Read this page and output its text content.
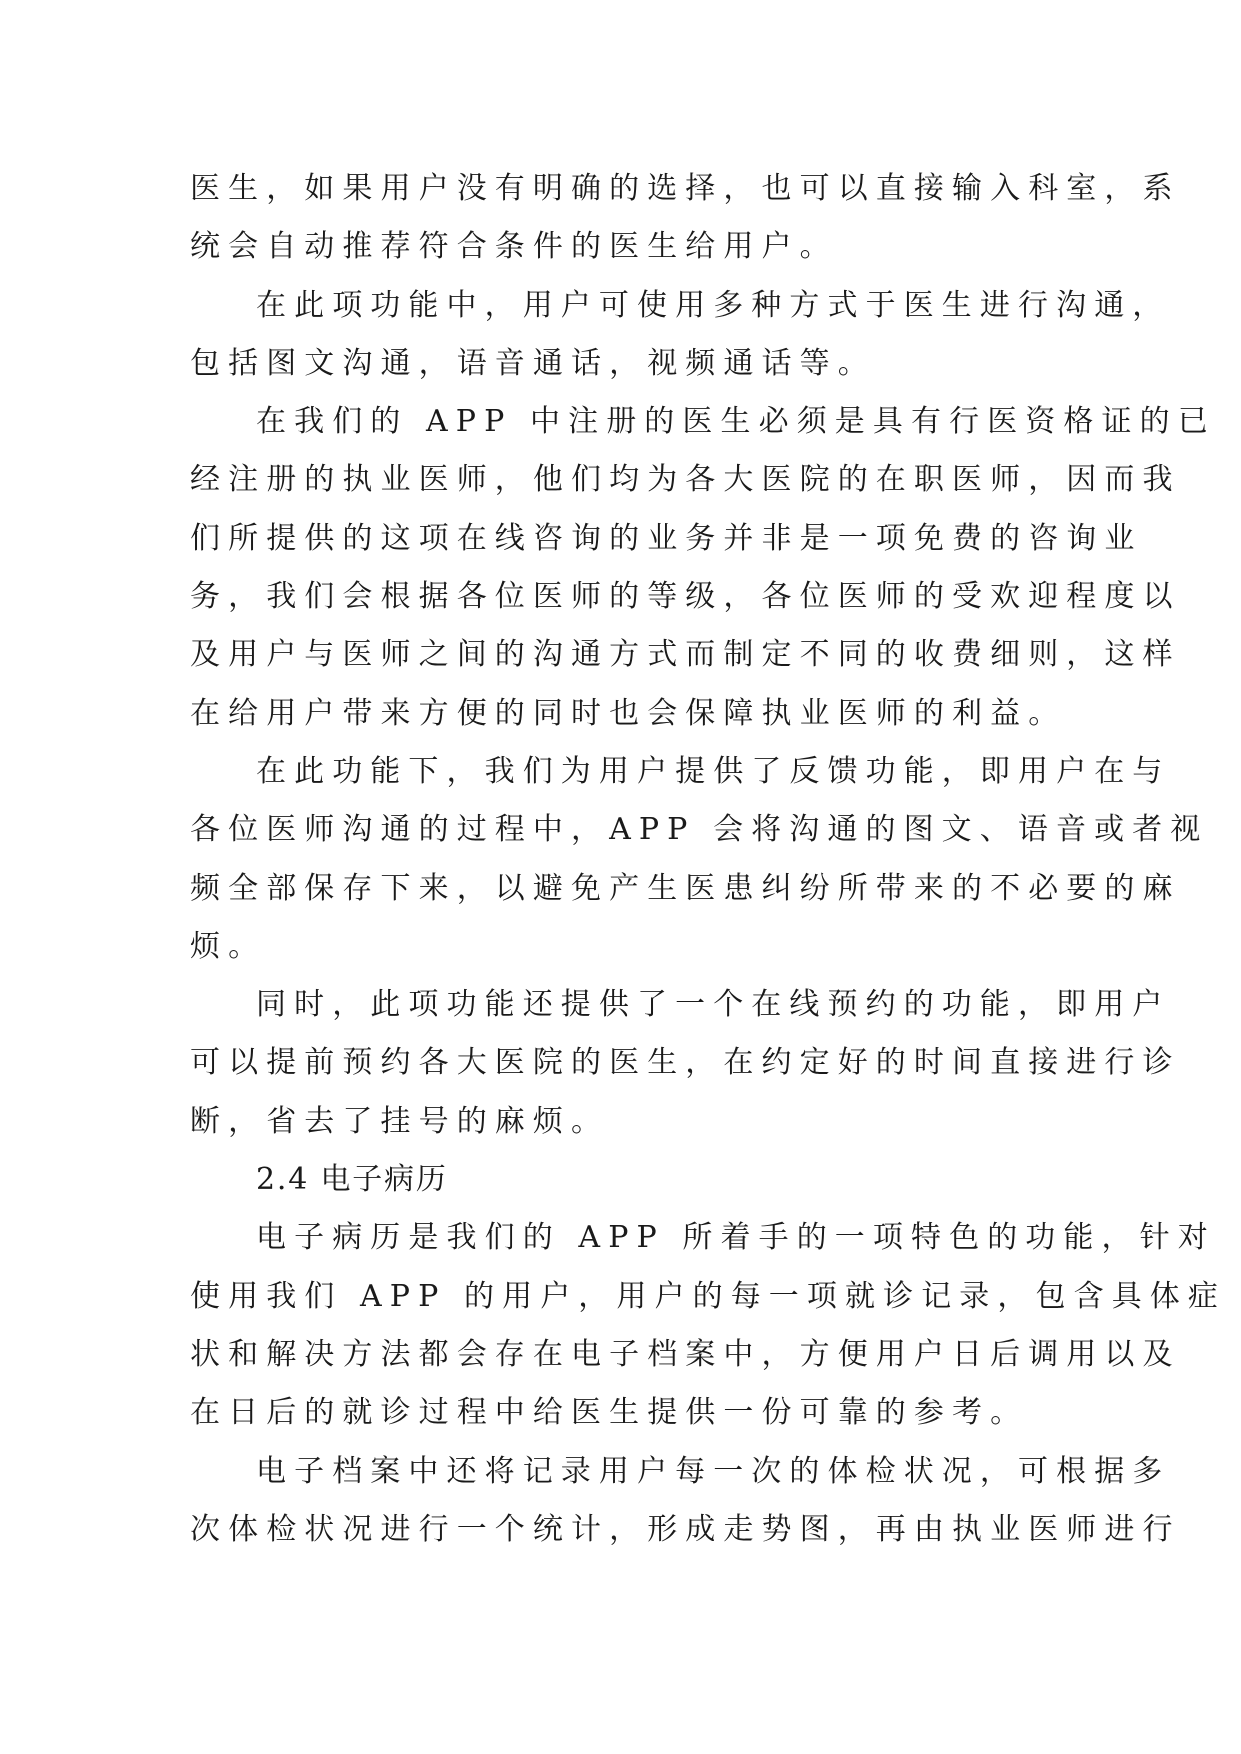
医生，如果用户没有明确的选择，也可以直接输入科室，系
统会自动推荐符合条件的医生给用户。
在此项功能中，用户可使用多种方式于医生进行沟通，
包括图文沟通，语音通话，视频通话等。
在我们的 APP 中注册的医生必须是具有行医资格证的已
经注册的执业医师，他们均为各大医院的在职医师，因而我
们所提供的这项在线咨询的业务并非是一项免费的咨询业
务，我们会根据各位医师的等级，各位医师的受欢迎程度以
及用户与医师之间的沟通方式而制定不同的收费细则，这样
在给用户带来方便的同时也会保障执业医师的利益。
在此功能下，我们为用户提供了反馈功能，即用户在与
各位医师沟通的过程中，APP 会将沟通的图文、语音或者视
频全部保存下来，以避免产生医患纠纷所带来的不必要的麻
烦。
同时，此项功能还提供了一个在线预约的功能，即用户
可以提前预约各大医院的医生，在约定好的时间直接进行诊
断，省去了挂号的麻烦。
2.4 电子病历
电子病历是我们的 APP 所着手的一项特色的功能，针对
使用我们 APP 的用户，用户的每一项就诊记录，包含具体症
状和解决方法都会存在电子档案中，方便用户日后调用以及
在日后的就诊过程中给医生提供一份可靠的参考。
电子档案中还将记录用户每一次的体检状况，可根据多
次体检状况进行一个统计，形成走势图，再由执业医师进行
